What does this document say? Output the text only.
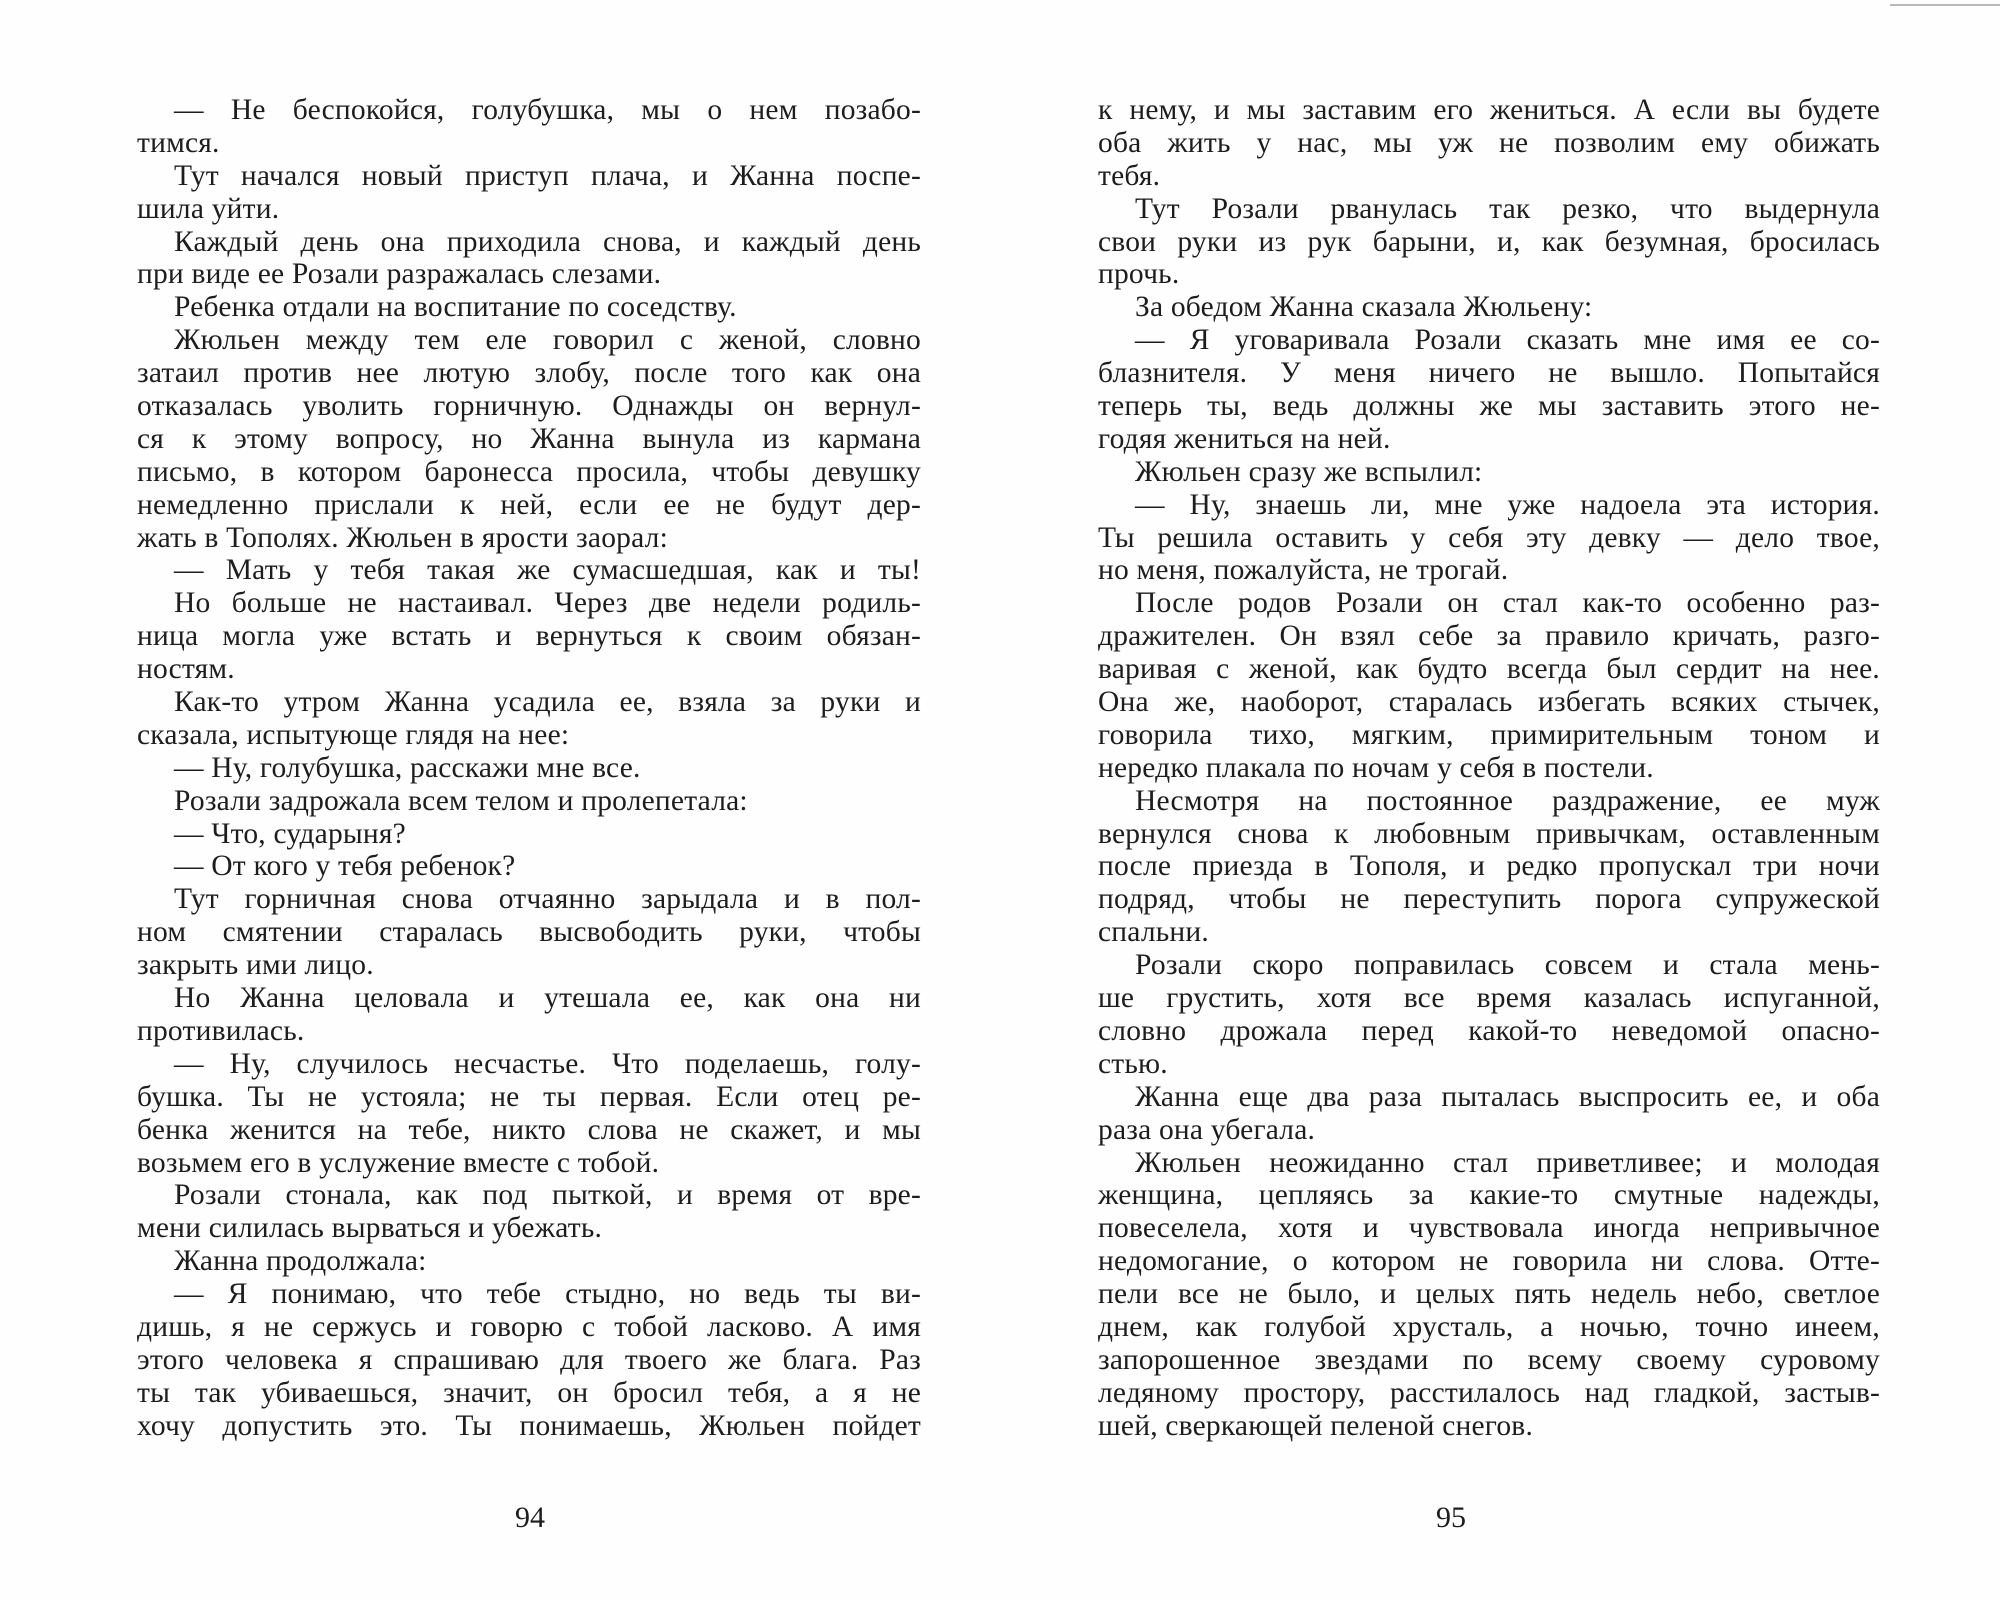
— Не беспокойся, голубушка, мы о нем позабо-
тимся.
Тут начался новый приступ плача, и Жанна поспе-
шила уйти.
Каждый день она приходила снова, и каждый день
при виде ее Розали разражалась слезами.
Ребенка отдали на воспитание по соседству.
Жюльен между тем еле говорил с женой, словно
затаил против нее лютую злобу, после того как она
отказалась уволить горничную. Однажды он вернул-
ся к этому вопросу, но Жанна вынула из кармана
письмо, в котором баронесса просила, чтобы девушку
немедленно прислали к ней, если ее не будут дер-
жать в Тополях. Жюльен в ярости заорал:
— Мать у тебя такая же сумасшедшая, как и ты!
Но больше не настаивал. Через две недели родиль-
ница могла уже встать и вернуться к своим обязан-
ностям.
Как-то утром Жанна усадила ее, взяла за руки и
сказала, испытующе глядя на нее:
— Ну, голубушка, расскажи мне все.
Розали задрожала всем телом и пролепетала:
— Что, сударыня?
— От кого у тебя ребенок?
Тут горничная снова отчаянно зарыдала и в пол-
ном смятении старалась высвободить руки, чтобы
закрыть ими лицо.
Но Жанна целовала и утешала ее, как она ни
противилась.
— Ну, случилось несчастье. Что поделаешь, голу-
бушка. Ты не устояла; не ты первая. Если отец ре-
бенка женится на тебе, никто слова не скажет, и мы
возьмем его в услужение вместе с тобой.
Розали стонала, как под пыткой, и время от вре-
мени силилась вырваться и убежать.
Жанна продолжала:
— Я понимаю, что тебе стыдно, но ведь ты ви-
дишь, я не сержусь и говорю с тобой ласково. А имя
этого человека я спрашиваю для твоего же блага. Раз
ты так убиваешься, значит, он бросил тебя, а я не
хочу допустить это. Ты понимаешь, Жюльен пойдет
94
к нему, и мы заставим его жениться. А если вы будете
оба жить у нас, мы уж не позволим ему обижать
тебя.
Тут Розали рванулась так резко, что выдернула
свои руки из рук барыни, и, как безумная, бросилась
прочь.
За обедом Жанна сказала Жюльену:
— Я уговаривала Розали сказать мне имя ее со-
блазнителя. У меня ничего не вышло. Попытайся
теперь ты, ведь должны же мы заставить этого не-
годяя жениться на ней.
Жюльен сразу же вспылил:
— Ну, знаешь ли, мне уже надоела эта история.
Ты решила оставить у себя эту девку — дело твое,
но меня, пожалуйста, не трогай.
После родов Розали он стал как-то особенно раз-
дражителен. Он взял себе за правило кричать, разго-
варивая с женой, как будто всегда был сердит на нее.
Она же, наоборот, старалась избегать всяких стычек,
говорила тихо, мягким, примирительным тоном и
нередко плакала по ночам у себя в постели.
Несмотря на постоянное раздражение, ее муж
вернулся снова к любовным привычкам, оставленным
после приезда в Тополя, и редко пропускал три ночи
подряд, чтобы не переступить порога супружеской
спальни.
Розали скоро поправилась совсем и стала мень-
ше грустить, хотя все время казалась испуганной,
словно дрожала перед какой-то неведомой опасно-
стью.
Жанна еще два раза пыталась выспросить ее, и оба
раза она убегала.
Жюльен неожиданно стал приветливее; и молодая
женщина, цепляясь за какие-то смутные надежды,
повеселела, хотя и чувствовала иногда непривычное
недомогание, о котором не говорила ни слова. Отте-
пели все не было, и целых пять недель небо, светлое
днем, как голубой хрусталь, а ночью, точно инеем,
запорошенное звездами по всему своему суровому
ледяному простору, расстилалось над гладкой, застыв-
шей, сверкающей пеленой снегов.
95
